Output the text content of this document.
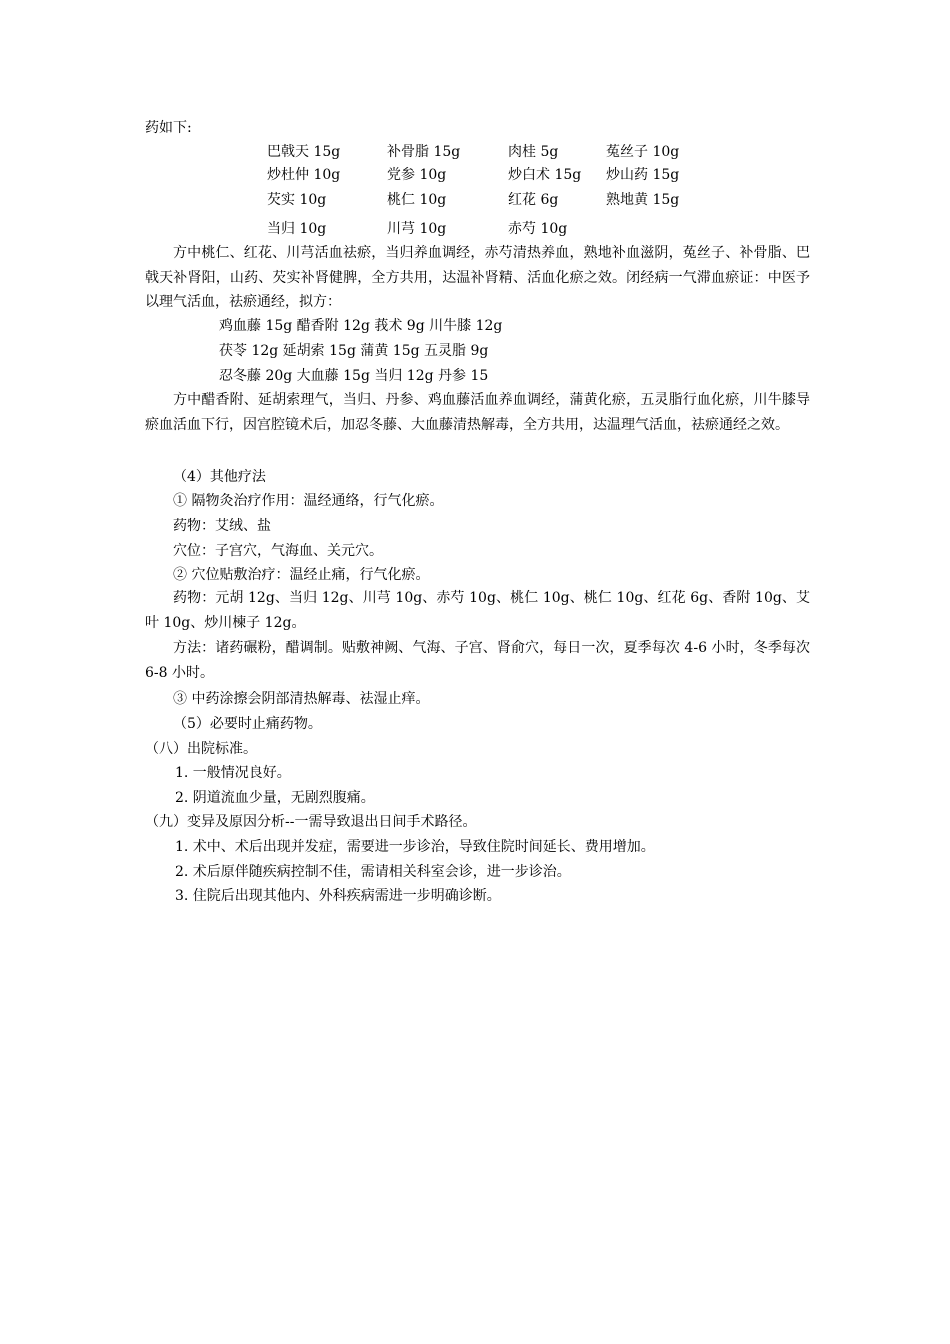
药如下:
巴戟天 15g	补骨脂 15g	肉桂 5g	菟丝子 10g
炒杜仲 10g	党参 10g	炒白术 15g 炒山药 15g
芡实 10g	桃仁 10g	红花 6g	熟地黄 15g
当归 10g	川芎 10g	赤芍 10g

方中桃仁、红花、川芎活血祛瘀，当归养血调经，赤芍清热养血，熟地补血滋阴，菟丝子、补骨脂、巴戟天补肾阳，山药、芡实补肾健脾，全方共用，达温补肾精、活血化瘀之效。闭经病一气滞血瘀证：中医予以理气活血，祛瘀通经，拟方：

鸡血藤 15g 醋香附 12g 莪术 9g 川牛膝 12g
茯苓 12g 延胡索 15g 蒲黄 15g 五灵脂 9g
忍冬藤 20g 大血藤 15g 当归 12g 丹参 15

方中醋香附、延胡索理气，当归、丹参、鸡血藤活血养血调经，蒲黄化瘀，五灵脂行血化瘀，川牛膝导瘀血活血下行，因宫腔镜术后，加忍冬藤、大血藤清热解毒，全方共用，达温理气活血，祛瘀通经之效。

（4）其他疗法
① 隔物灸治疗作用：温经通络，行气化瘀。
药物：艾绒、盐
穴位：子宫穴，气海血、关元穴。
② 穴位贴敷治疗：温经止痛，行气化瘀。

药物：元胡 12g、当归 12g、川芎 10g、赤芍 10g、桃仁 10g、桃仁 10g、红花 6g、香附 10g、艾叶 10g、炒川楝子 12g。

方法：诸药碾粉，醋调制。贴敷神阙、气海、子宫、肾俞穴，每日一次，夏季每次 4-6 小时，冬季每次 6-8 小时。

③ 中药涂擦会阴部清热解毒、祛湿止痒。
（5）必要时止痛药物。
（八）出院标准。
1. 一般情况良好。
2. 阴道流血少量，无剧烈腹痛。
（九）变异及原因分析--一需导致退出日间手术路径。
1. 术中、术后出现并发症，需要进一步诊治，导致住院时间延长、费用增加。
2. 术后原伴随疾病控制不佳，需请相关科室会诊，进一步诊治。
3. 住院后出现其他内、外科疾病需进一步明确诊断。
